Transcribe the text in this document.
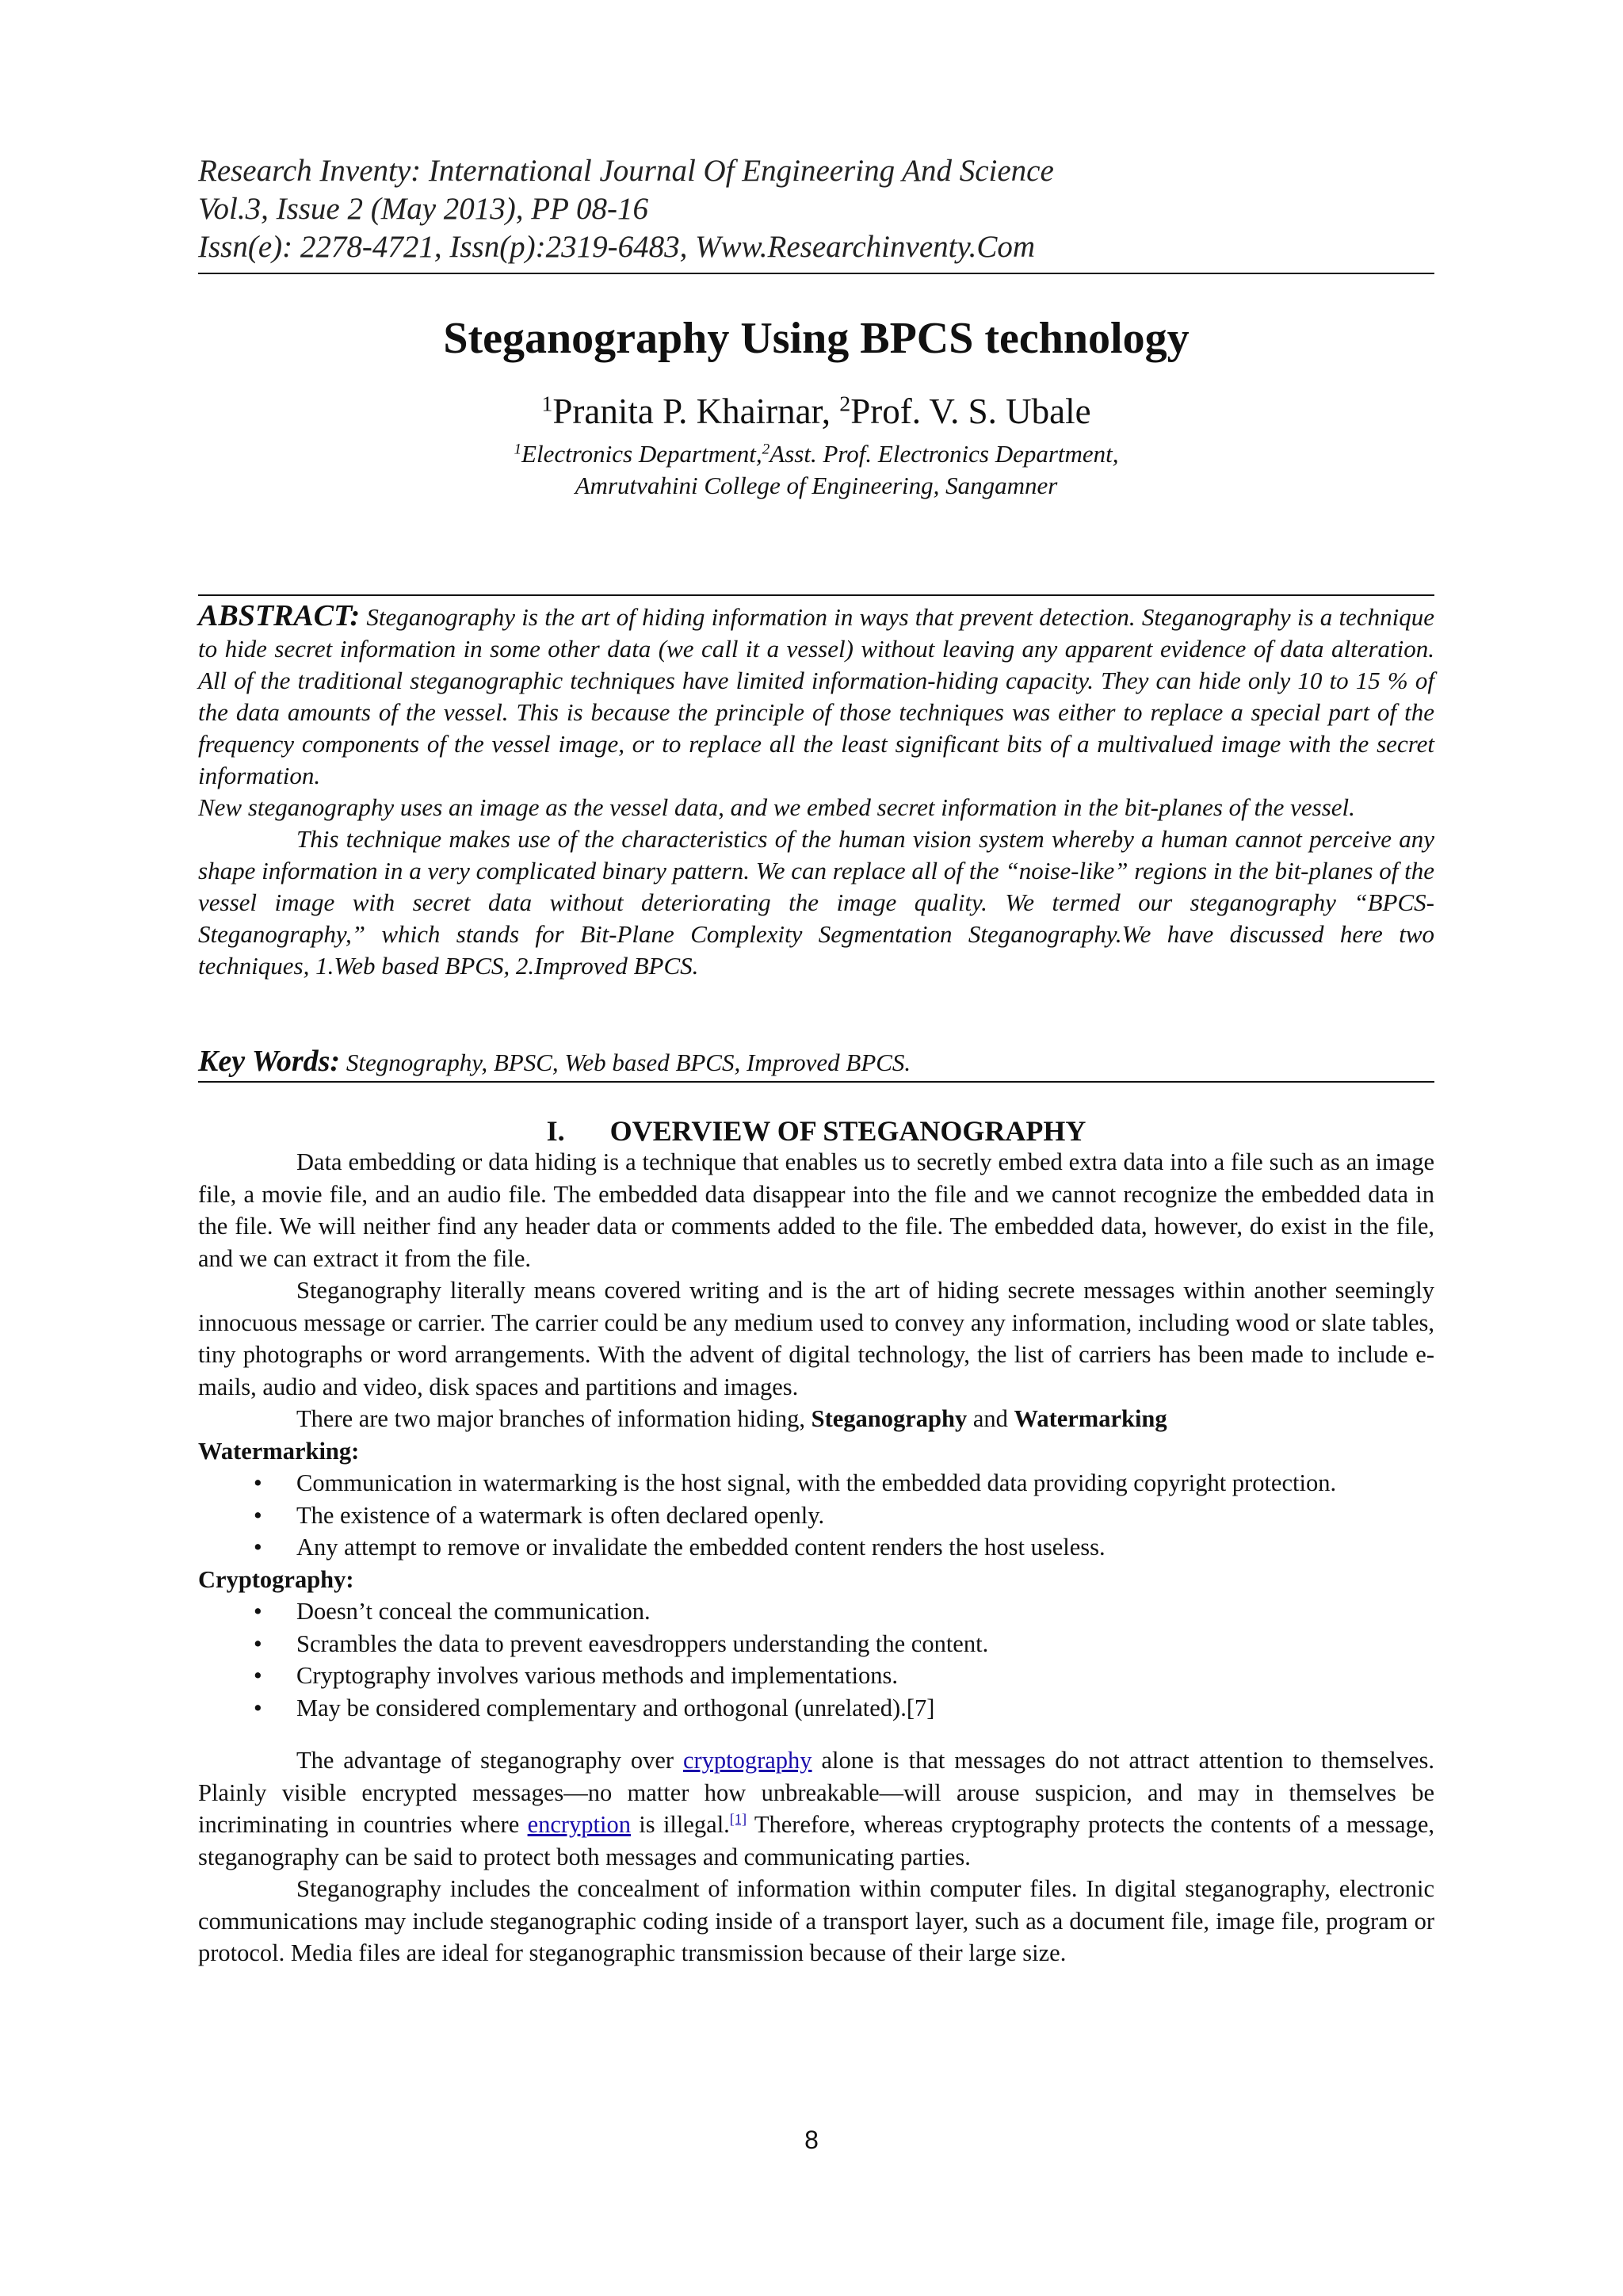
Research Inventy: International Journal Of Engineering And Science
Vol.3, Issue 2 (May 2013), PP 08-16
Issn(e): 2278-4721, Issn(p):2319-6483, Www.Researchinventy.Com
Steganography Using BPCS technology
$^1$Pranita P. Khairnar, $^2$Prof. V. S. Ubale
$^1$Electronics Department,$^2$Asst. Prof. Electronics Department,
Amrutvahini College of Engineering, Sangamner

ABSTRACT: Steganography is the art of hiding information in ways that prevent detection. Steganography is a technique to hide secret information in some other data (we call it a vessel) without leaving any apparent evidence of data alteration. All of the traditional steganographic techniques have limited information-hiding capacity. They can hide only 10 to 15 % of the data amounts of the vessel. This is because the principle of those techniques was either to replace a special part of the frequency components of the vessel image, or to replace all the least significant bits of a multivalued image with the secret information.

New steganography uses an image as the vessel data, and we embed secret information in the bit-planes of the vessel.

This technique makes use of the characteristics of the human vision system whereby a human cannot perceive any shape information in a very complicated binary pattern. We can replace all of the “noise-like” regions in the bit-planes of the vessel image with secret data without deteriorating the image quality. We termed our steganography “BPCS-Steganography,” which stands for Bit-Plane Complexity Segmentation Steganography.We have discussed here two techniques, 1.Web based BPCS, 2.Improved BPCS.

Key Words: Stegnography, BPSC, Web based BPCS, Improved BPCS.
I. OVERVIEW OF STEGANOGRAPHY

Data embedding or data hiding is a technique that enables us to secretly embed extra data into a file such as an image file, a movie file, and an audio file. The embedded data disappear into the file and we cannot recognize the embedded data in the file. We will neither find any header data or comments added to the file. The embedded data, however, do exist in the file, and we can extract it from the file.

Steganography literally means covered writing and is the art of hiding secrete messages within another seemingly innocuous message or carrier. The carrier could be any medium used to convey any information, including wood or slate tables, tiny photographs or word arrangements. With the advent of digital technology, the list of carriers has been made to include e-mails, audio and video, disk spaces and partitions and images.

There are two major branches of information hiding, Steganography and Watermarking

Watermarking:

• Communication in watermarking is the host signal, with the embedded data providing copyright protection.
• The existence of a watermark is often declared openly.
• Any attempt to remove or invalidate the embedded content renders the host useless.

Cryptography:

• Doesn’t conceal the communication.
• Scrambles the data to prevent eavesdroppers understanding the content.
• Cryptography involves various methods and implementations.
• May be considered complementary and orthogonal (unrelated).[7]

The advantage of steganography over cryptography alone is that messages do not attract attention to themselves. Plainly visible encrypted messages—no matter how unbreakable—will arouse suspicion, and may in themselves be incriminating in countries where encryption is illegal.[1] Therefore, whereas cryptography protects the contents of a message, steganography can be said to protect both messages and communicating parties.

Steganography includes the concealment of information within computer files. In digital steganography, electronic communications may include steganographic coding inside of a transport layer, such as a document file, image file, program or protocol. Media files are ideal for steganographic transmission because of their large size.

8
